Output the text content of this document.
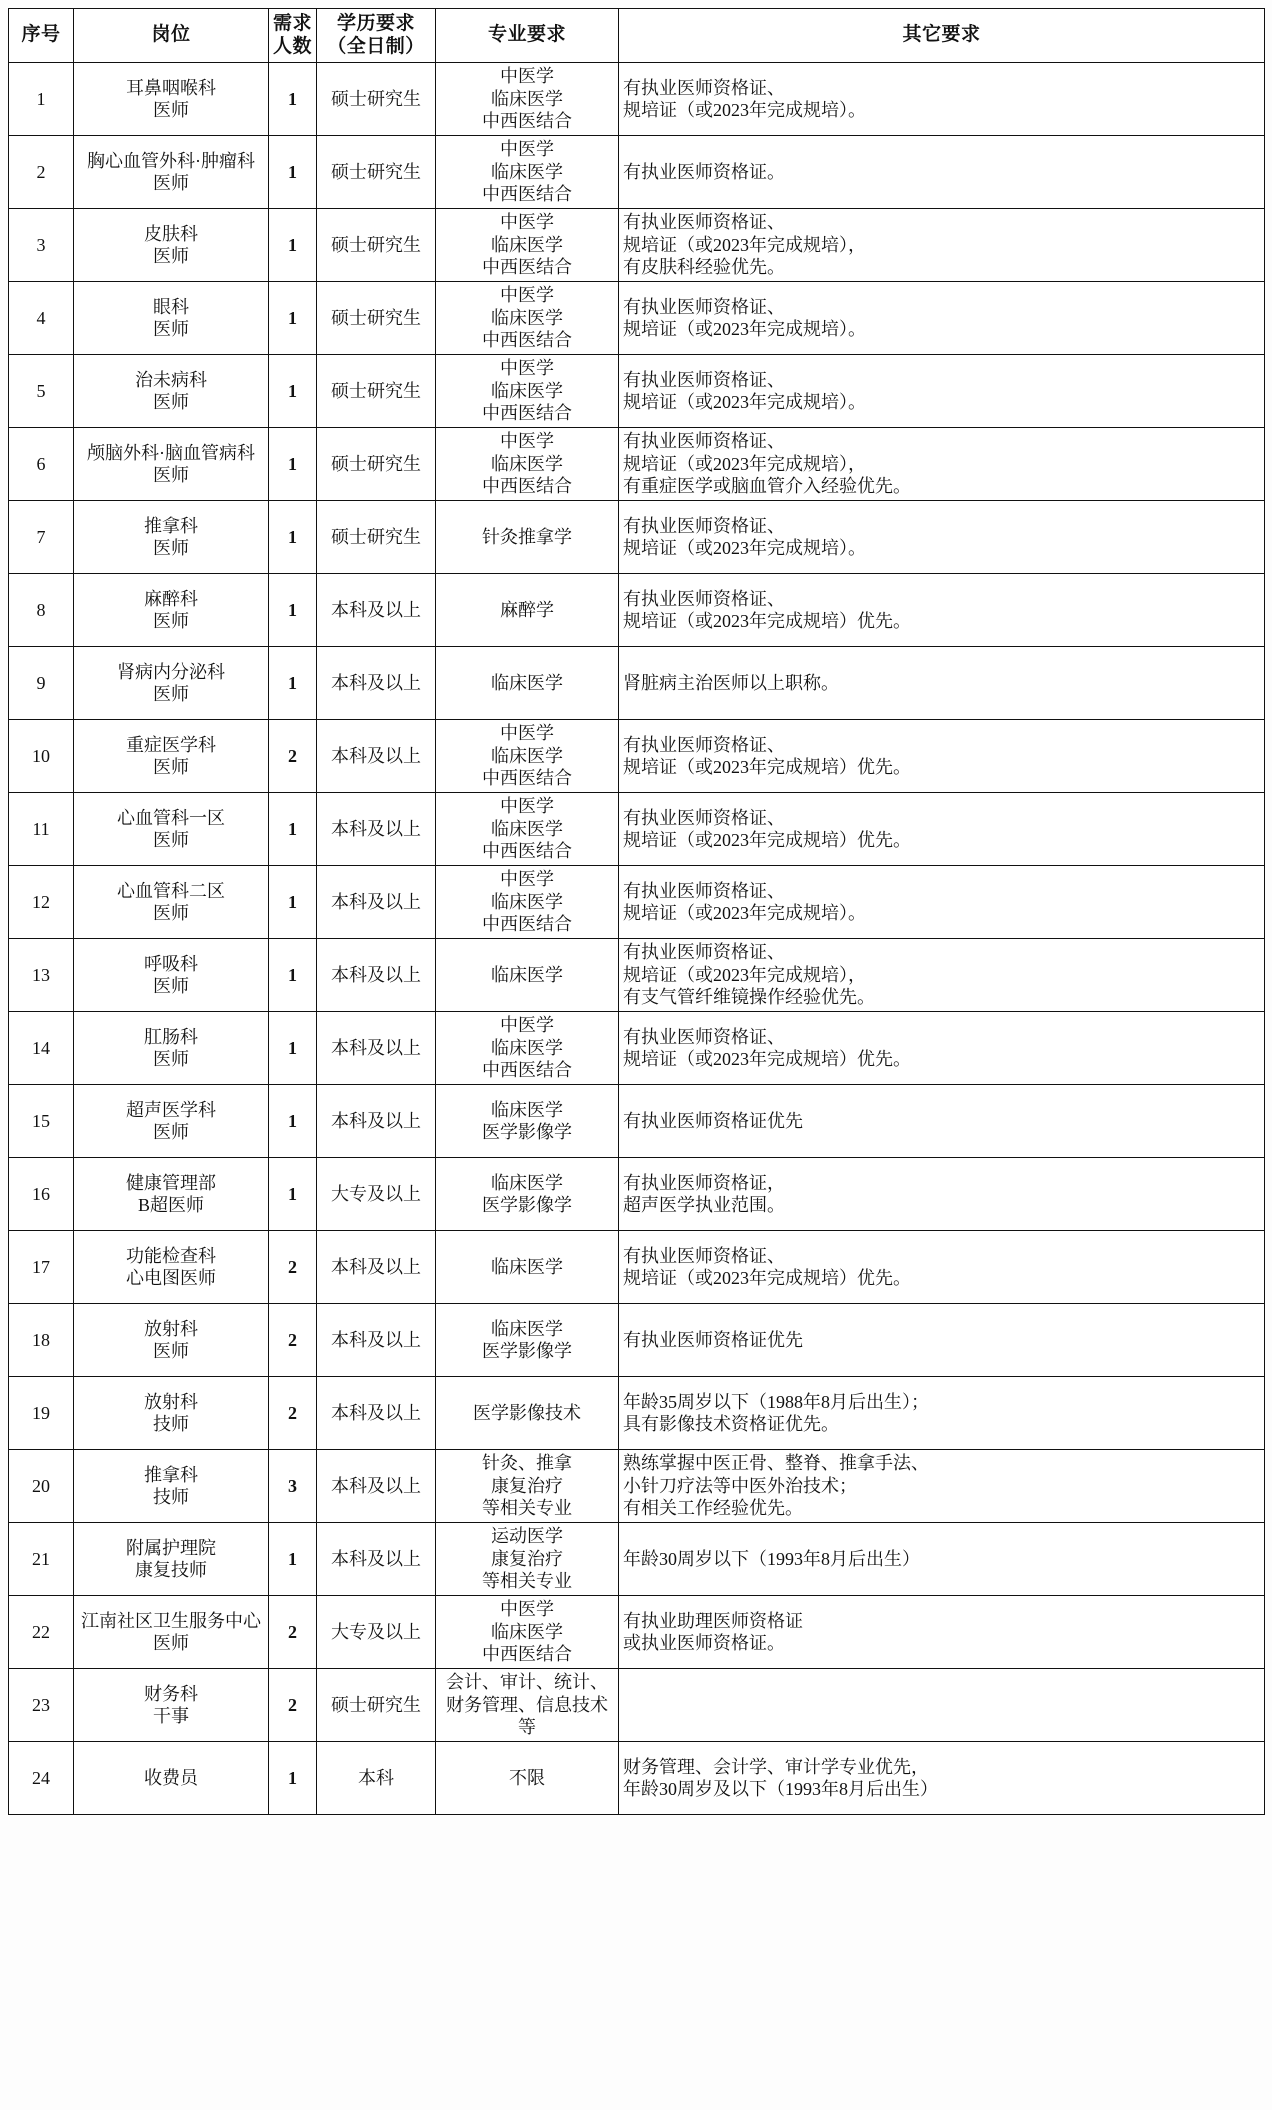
序号	岗位	需求
人数	学历要求
（全日制）	专业要求	其它要求

1	耳鼻咽喉科
医师	1	硕士研究生	中医学
临床医学
中西医结合	有执业医师资格证、
规培证（或2023年完成规培）。

2	胸心血管外科·肿瘤科
医师	1	硕士研究生	中医学
临床医学
中西医结合	有执业医师资格证。

3	皮肤科
医师	1	硕士研究生	中医学
临床医学
中西医结合	有执业医师资格证、
规培证（或2023年完成规培），
有皮肤科经验优先。

4	眼科
医师	1	硕士研究生	中医学
临床医学
中西医结合	有执业医师资格证、
规培证（或2023年完成规培）。

5	治未病科
医师	1	硕士研究生	中医学
临床医学
中西医结合	有执业医师资格证、
规培证（或2023年完成规培）。

6	颅脑外科·脑血管病科
医师	1	硕士研究生	中医学
临床医学
中西医结合	有执业医师资格证、
规培证（或2023年完成规培），
有重症医学或脑血管介入经验优先。

7	推拿科
医师	1	硕士研究生	针灸推拿学	有执业医师资格证、
规培证（或2023年完成规培）。

8	麻醉科
医师	1	本科及以上	麻醉学	有执业医师资格证、
规培证（或2023年完成规培）优先。

9	肾病内分泌科
医师	1	本科及以上	临床医学	肾脏病主治医师以上职称。

10	重症医学科
医师	2	本科及以上	中医学
临床医学
中西医结合	有执业医师资格证、
规培证（或2023年完成规培）优先。

11	心血管科一区
医师	1	本科及以上	中医学
临床医学
中西医结合	有执业医师资格证、
规培证（或2023年完成规培）优先。

12	心血管科二区
医师	1	本科及以上	中医学
临床医学
中西医结合	有执业医师资格证、
规培证（或2023年完成规培）。

13	呼吸科
医师	1	本科及以上	临床医学	有执业医师资格证、
规培证（或2023年完成规培），
有支气管纤维镜操作经验优先。

14	肛肠科
医师	1	本科及以上	中医学
临床医学
中西医结合	有执业医师资格证、
规培证（或2023年完成规培）优先。

15	超声医学科
医师	1	本科及以上	临床医学
医学影像学	有执业医师资格证优先

16	健康管理部
B超医师	1	大专及以上	临床医学
医学影像学	有执业医师资格证，
超声医学执业范围。

17	功能检查科
心电图医师	2	本科及以上	临床医学	有执业医师资格证、
规培证（或2023年完成规培）优先。

18	放射科
医师	2	本科及以上	临床医学
医学影像学	有执业医师资格证优先

19	放射科
技师	2	本科及以上	医学影像技术	年龄35周岁以下（1988年8月后出生）；
具有影像技术资格证优先。

20	推拿科
技师	3	本科及以上	针灸、推拿
康复治疗
等相关专业	熟练掌握中医正骨、整脊、推拿手法、
小针刀疗法等中医外治技术；
有相关工作经验优先。

21	附属护理院
康复技师	1	本科及以上	运动医学
康复治疗
等相关专业	年龄30周岁以下（1993年8月后出生）

22	江南社区卫生服务中心
医师	2	大专及以上	中医学
临床医学
中西医结合	有执业助理医师资格证
或执业医师资格证。

23	财务科
干事	2	硕士研究生	会计、审计、统计、财务管理、信息技术等	

24	收费员	1	本科	不限	财务管理、会计学、审计学专业优先，
年龄30周岁及以下（1993年8月后出生）
